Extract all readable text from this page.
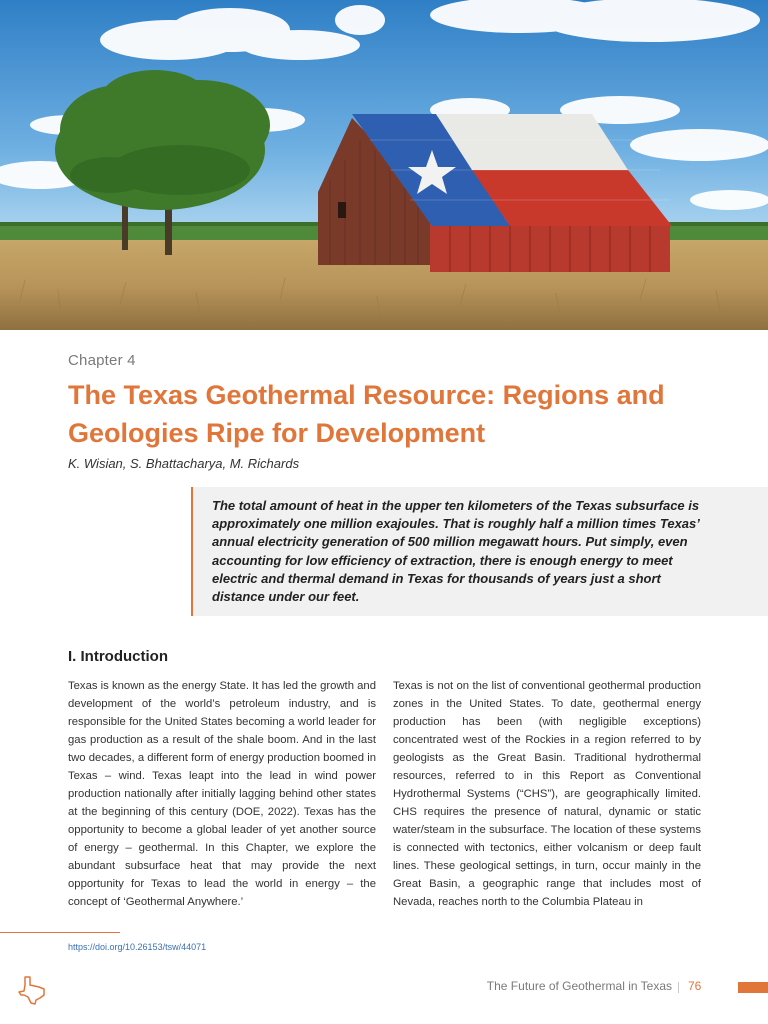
Chapter 4
The Texas Geothermal Resource: Regions and Geologies Ripe for Development
K. Wisian, S. Bhattacharya, M. Richards

The total amount of heat in the upper ten kilometers of the Texas subsurface is approximately one million exajoules. That is roughly half a million times Texas’ annual electricity generation of 500 million megawatt hours. Put simply, even accounting for low efficiency of extraction, there is enough energy to meet electric and thermal demand in Texas for thousands of years just a short distance under our feet.

I. Introduction
Texas is known as the energy State. It has led the growth and development of the world’s petroleum industry, and is responsible for the United States becoming a world leader for gas production as a result of the shale boom. And in the last two decades, a different form of energy production boomed in Texas – wind. Texas leapt into the lead in wind power production nationally after initially lagging behind other states at the beginning of this century (DOE, 2022). Texas has the opportunity to become a global leader of yet another source of energy – geothermal. In this Chapter, we explore the abundant subsurface heat that may provide the next opportunity for Texas to lead the world in energy – the concept of ‘Geothermal Anywhere.’
Texas is not on the list of conventional geothermal production zones in the United States. To date, geothermal energy production has been (with negligible exceptions) concentrated west of the Rockies in a region referred to by geologists as the Great Basin. Traditional hydrothermal resources, referred to in this Report as Conventional Hydrothermal Systems (“CHS”), are geographically limited. CHS requires the presence of natural, dynamic or static water/steam in the subsurface. The location of these systems is connected with tectonics, either volcanism or deep fault lines. These geological settings, in turn, occur mainly in the Great Basin, a geographic range that includes most of Nevada, reaches north to the Columbia Plateau in
https://doi.org/10.26153/tsw/44071
The Future of Geothermal in Texas 76
